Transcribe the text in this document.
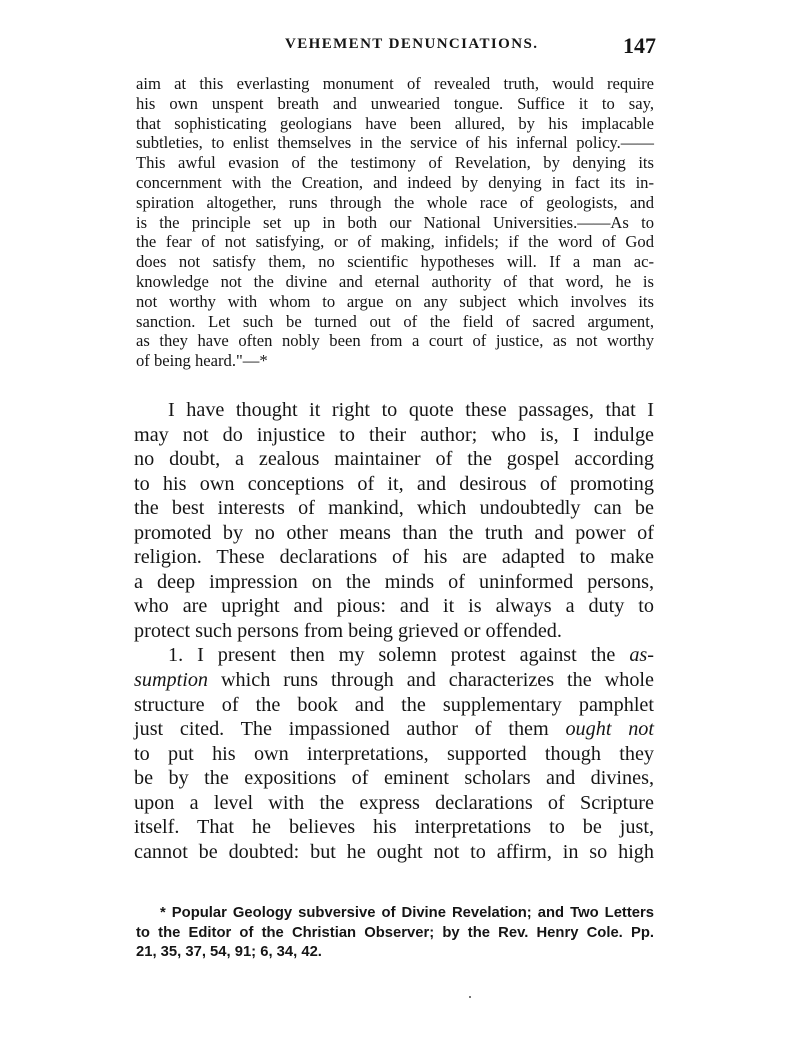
VEHEMENT DENUNCIATIONS.	147
aim at this everlasting monument of revealed truth, would require
his own unspent breath and unwearied tongue. Suffice it to say,
that sophisticating geologians have been allured, by his implacable
subtleties, to enlist themselves in the service of his infernal policy.——
This awful evasion of the testimony of Revelation, by denying its
concernment with the Creation, and indeed by denying in fact its in-
spiration altogether, runs through the whole race of geologists, and
is the principle set up in both our National Universities.——As to
the fear of not satisfying, or of making, infidels; if the word of God
does not satisfy them, no scientific hypotheses will. If a man ac-
knowledge not the divine and eternal authority of that word, he is
not worthy with whom to argue on any subject which involves its
sanction. Let such be turned out of the field of sacred argument,
as they have often nobly been from a court of justice, as not worthy
of being heard."—*
I have thought it right to quote these passages, that I
may not do injustice to their author; who is, I indulge
no doubt, a zealous maintainer of the gospel according
to his own conceptions of it, and desirous of promoting
the best interests of mankind, which undoubtedly can be
promoted by no other means than the truth and power of
religion. These declarations of his are adapted to make
a deep impression on the minds of uninformed persons,
who are upright and pious: and it is always a duty to
protect such persons from being grieved or offended.
1. I present then my solemn protest against the as-
sumption which runs through and characterizes the whole
structure of the book and the supplementary pamphlet
just cited. The impassioned author of them ought not
to put his own interpretations, supported though they
be by the expositions of eminent scholars and divines,
upon a level with the express declarations of Scripture
itself. That he believes his interpretations to be just,
cannot be doubted: but he ought not to affirm, in so high
* Popular Geology subversive of Divine Revelation; and Two Letters
to the Editor of the Christian Observer; by the Rev. Henry Cole. Pp.
21, 35, 37, 54, 91; 6, 34, 42.
